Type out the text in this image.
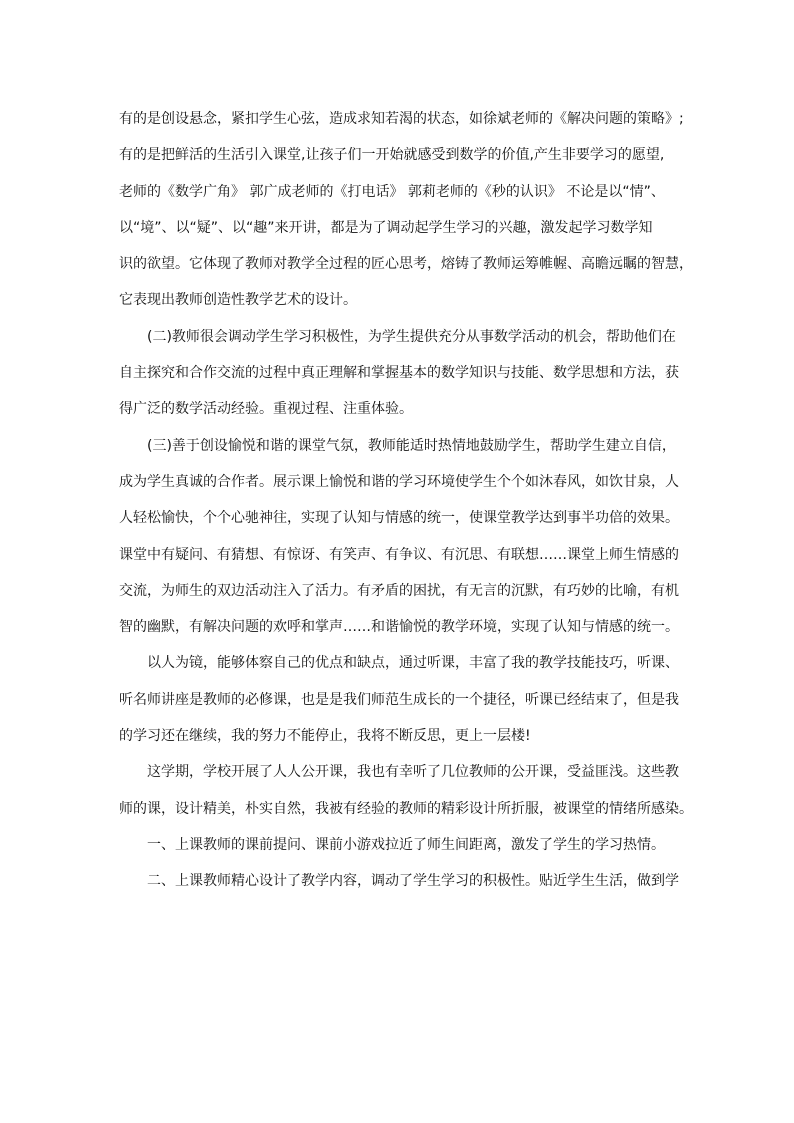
有的是创设悬念，紧扣学生心弦，造成求知若渴的状态，如徐斌老师的《解决问题的策略》;
有的是把鲜活的生活引入课堂,让孩子们一开始就感受到数学的价值,产生非要学习的愿望,
老师的《数学广角》 郭广成老师的《打电话》 郭莉老师的《秒的认识》 不论是以“情”、
以“境”、以“疑”、以“趣”来开讲，都是为了调动起学生学习的兴趣，激发起学习数学知
识的欲望。它体现了教师对教学全过程的匠心思考，熔铸了教师运筹帷幄、高瞻远瞩的智慧，
它表现出教师创造性教学艺术的设计。
(二)教师很会调动学生学习积极性，为学生提供充分从事数学活动的机会，帮助他们在
自主探究和合作交流的过程中真正理解和掌握基本的数学知识与技能、数学思想和方法，获
得广泛的数学活动经验。重视过程、注重体验。
(三)善于创设愉悦和谐的课堂气氛，教师能适时热情地鼓励学生，帮助学生建立自信，
成为学生真诚的合作者。展示课上愉悦和谐的学习环境使学生个个如沐春风，如饮甘泉，人
人轻松愉快，个个心驰神往，实现了认知与情感的统一，使课堂教学达到事半功倍的效果。
课堂中有疑问、有猜想、有惊讶、有笑声、有争议、有沉思、有联想……课堂上师生情感的
交流，为师生的双边活动注入了活力。有矛盾的困扰，有无言的沉默，有巧妙的比喻，有机
智的幽默，有解决问题的欢呼和掌声……和谐愉悦的教学环境，实现了认知与情感的统一。
以人为镜，能够体察自己的优点和缺点，通过听课，丰富了我的教学技能技巧，听课、
听名师讲座是教师的必修课，也是是我们师范生成长的一个捷径，听课已经结束了，但是我
的学习还在继续，我的努力不能停止，我将不断反思，更上一层楼!
这学期，学校开展了人人公开课，我也有幸听了几位教师的公开课，受益匪浅。这些教
师的课，设计精美，朴实自然，我被有经验的教师的精彩设计所折服，被课堂的情绪所感染。
一、上课教师的课前提问、课前小游戏拉近了师生间距离，激发了学生的学习热情。
二、上课教师精心设计了教学内容，调动了学生学习的积极性。贴近学生生活，做到学
